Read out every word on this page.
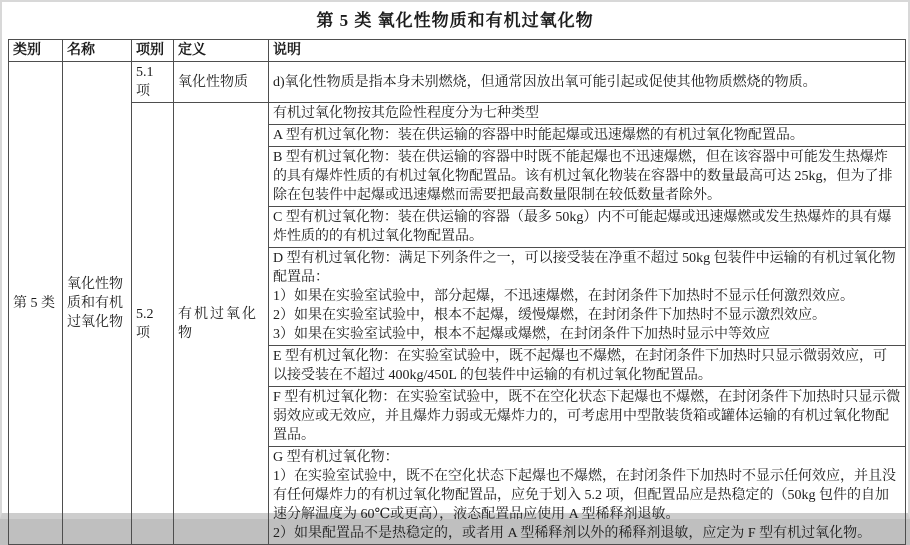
第 5 类 氧化性物质和有机过氧化物
类别	名称	项别	定义	说明
第 5 类	氧化性物质和有机过氧化物	5.1 项	氧化性物质	d)氧化性物质是指本身未别燃烧，但通常因放出氧可能引起或促使其他物质燃烧的物质。
		5.2 项	有机过氧化物	有机过氧化物按其危险性程度分为七种类型
				A 型有机过氧化物：装在供运输的容器中时能起爆或迅速爆燃的有机过氧化物配置品。
				B 型有机过氧化物：装在供运输的容器中时既不能起爆也不迅速爆燃，但在该容器中可能发生热爆炸的具有爆炸性质的有机过氧化物配置品。该有机过氧化物装在容器中的数量最高可达 25kg，但为了排除在包装件中起爆或迅速爆燃而需要把最高数量限制在较低数量者除外。
				C 型有机过氧化物：装在供运输的容器（最多 50kg）内不可能起爆或迅速爆燃或发生热爆炸的具有爆炸性质的的有机过氧化物配置品。

				D 型有机过氧化物：满足下列条件之一，可以接受装在净重不超过 50kg 包装件中运输的有机过氧化物配置品：
1）如果在实验室试验中，部分起爆，不迅速爆燃，在封闭条件下加热时不显示任何激烈效应。
2）如果在实验室试验中，根本不起爆，缓慢爆燃，在封闭条件下加热时不显示激烈效应。
3）如果在实验室试验中，根本不起爆或爆燃，在封闭条件下加热时显示中等效应

				E 型有机过氧化物：在实验室试验中，既不起爆也不爆燃，在封闭条件下加热时只显示微弱效应，可以接受装在不超过 400kg/450L 的包装件中运输的有机过氧化物配置品。
				F 型有机过氧化物：在实验室试验中，既不在空化状态下起爆也不爆燃，在封闭条件下加热时只显示微弱效应或无效应，并且爆炸力弱或无爆炸力的，可考虑用中型散装货箱或罐体运输的有机过氧化物配置品。

				G 型有机过氧化物：
1）在实验室试验中，既不在空化状态下起爆也不爆燃，在封闭条件下加热时不显示任何效应，并且没有任何爆炸力的有机过氧化物配置品，应免于划入 5.2 项，但配置品应是热稳定的（50kg 包件的自加速分解温度为 60℃或更高），液态配置品应使用 A 型稀释剂退敏。
2）如果配置品不是热稳定的，或者用 A 型稀释剂以外的稀释剂退敏，应定为 F 型有机过氧化物。
